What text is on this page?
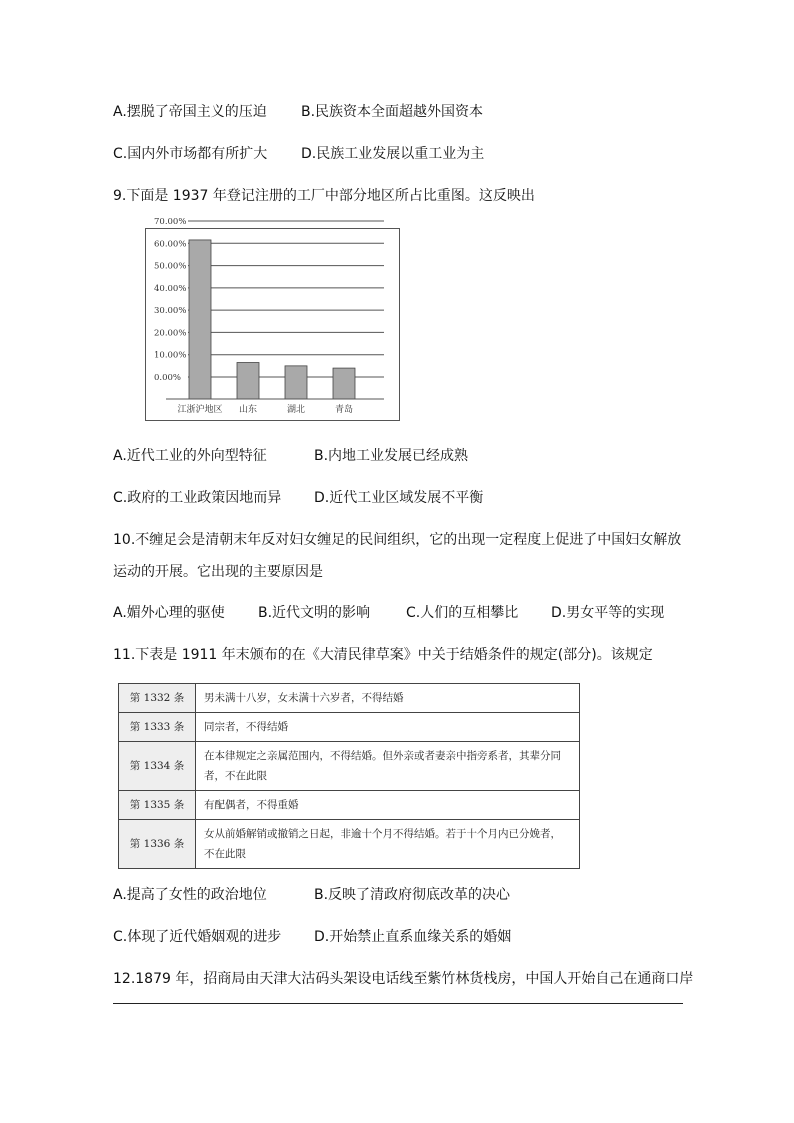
A.摆脱了帝国主义的压迫 B.民族资本全面超越外国资本
C.国内外市场都有所扩大 D.民族工业发展以重工业为主
9.下面是 1937 年登记注册的工厂中部分地区所占比重图。这反映出
0.00%
10.00%
20.00%
30.00%
40.00%
50.00%
60.00%
70.00%
江浙沪地区 山东	湖北	青岛
A.近代工业的外向型特征	B.内地工业发展已经成熟
C.政府的工业政策因地而异 D.近代工业区域发展不平衡
10.不缠足会是清朝末年反对妇女缠足的民间组织，它的出现一定程度上促进了中国妇女解放
运动的开展。它出现的主要原因是
A.媚外心理的驱使 B.近代文明的影响	C.人们的互相攀比 D.男女平等的实现
11.下表是 1911 年末颁布的在《大清民律草案》中关于结婚条件的规定(部分)。该规定
第 1332 条	男未满十八岁，女未满十六岁者，不得结婚
第 1333 条	同宗者，不得结婚
第 1334 条	在本律规定之亲属范围内，不得结婚。但外亲或者妻亲中指旁系者，其辈分同者，不在此限
第 1335 条	有配偶者，不得重婚
第 1336 条	女从前婚解销或撤销之日起，非逾十个月不得结婚。若于十个月内已分娩者，不在此限
A.提高了女性的政治地位	B.反映了清政府彻底改革的决心
C.体现了近代婚姻观的进步 D.开始禁止直系血缘关系的婚姻
12.1879 年，招商局由天津大沽码头架设电话线至紫竹林货栈房，中国人开始自己在通商口岸
